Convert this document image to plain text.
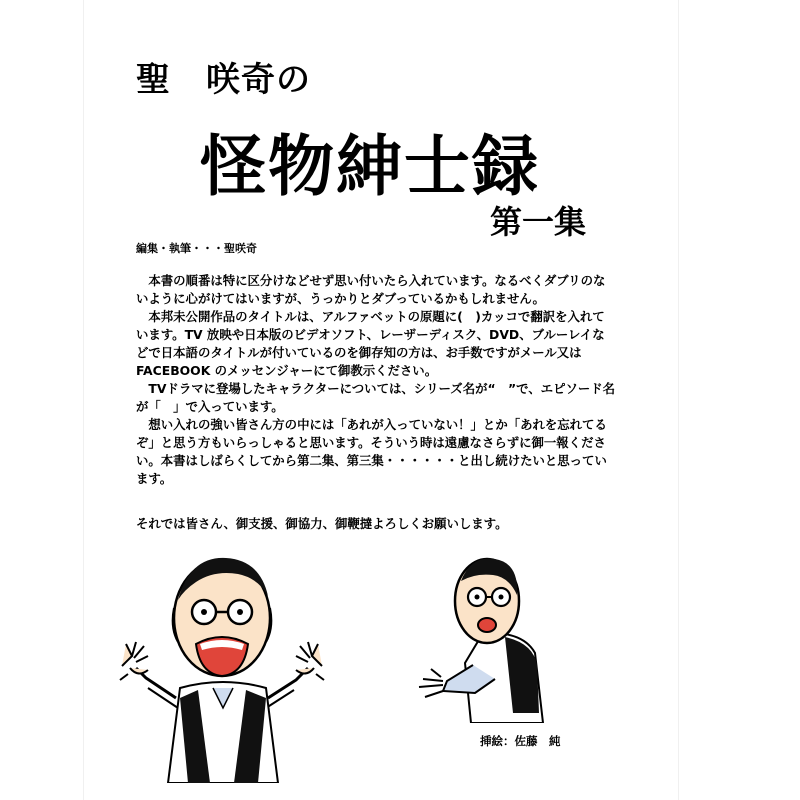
聖　咲奇の
怪物紳士録
第一集
編集・執筆・・・聖咲奇

　本書の順番は特に区分けなどせず思い付いたら入れています。なるべくダブリのないように心がけてはいますが、うっかりとダブっているかもしれません。

　本邦未公開作品のタイトルは、アルファベットの原題に(　)カッコで翻訳を入れています。TV 放映や日本版のビデオソフト、レーザーディスク、DVD、ブルーレイなどで日本語のタイトルが付いているのを御存知の方は、お手数ですがメール又は FACEBOOK のメッセンジャーにて御教示ください。

　TVドラマに登場したキャラクターについては、シリーズ名が“　”で、エピソード名が「　」で入っています。

　想い入れの強い皆さん方の中には「あれが入っていない！」とか「あれを忘れてるぞ」と思う方もいらっしゃると思います。そういう時は遠慮なさらずに御一報ください。本書はしばらくしてから第二集、第三集・・・・・・と出し続けたいと思っています。

それでは皆さん、御支援、御協力、御鞭撻よろしくお願いします。
挿絵：佐藤　純
